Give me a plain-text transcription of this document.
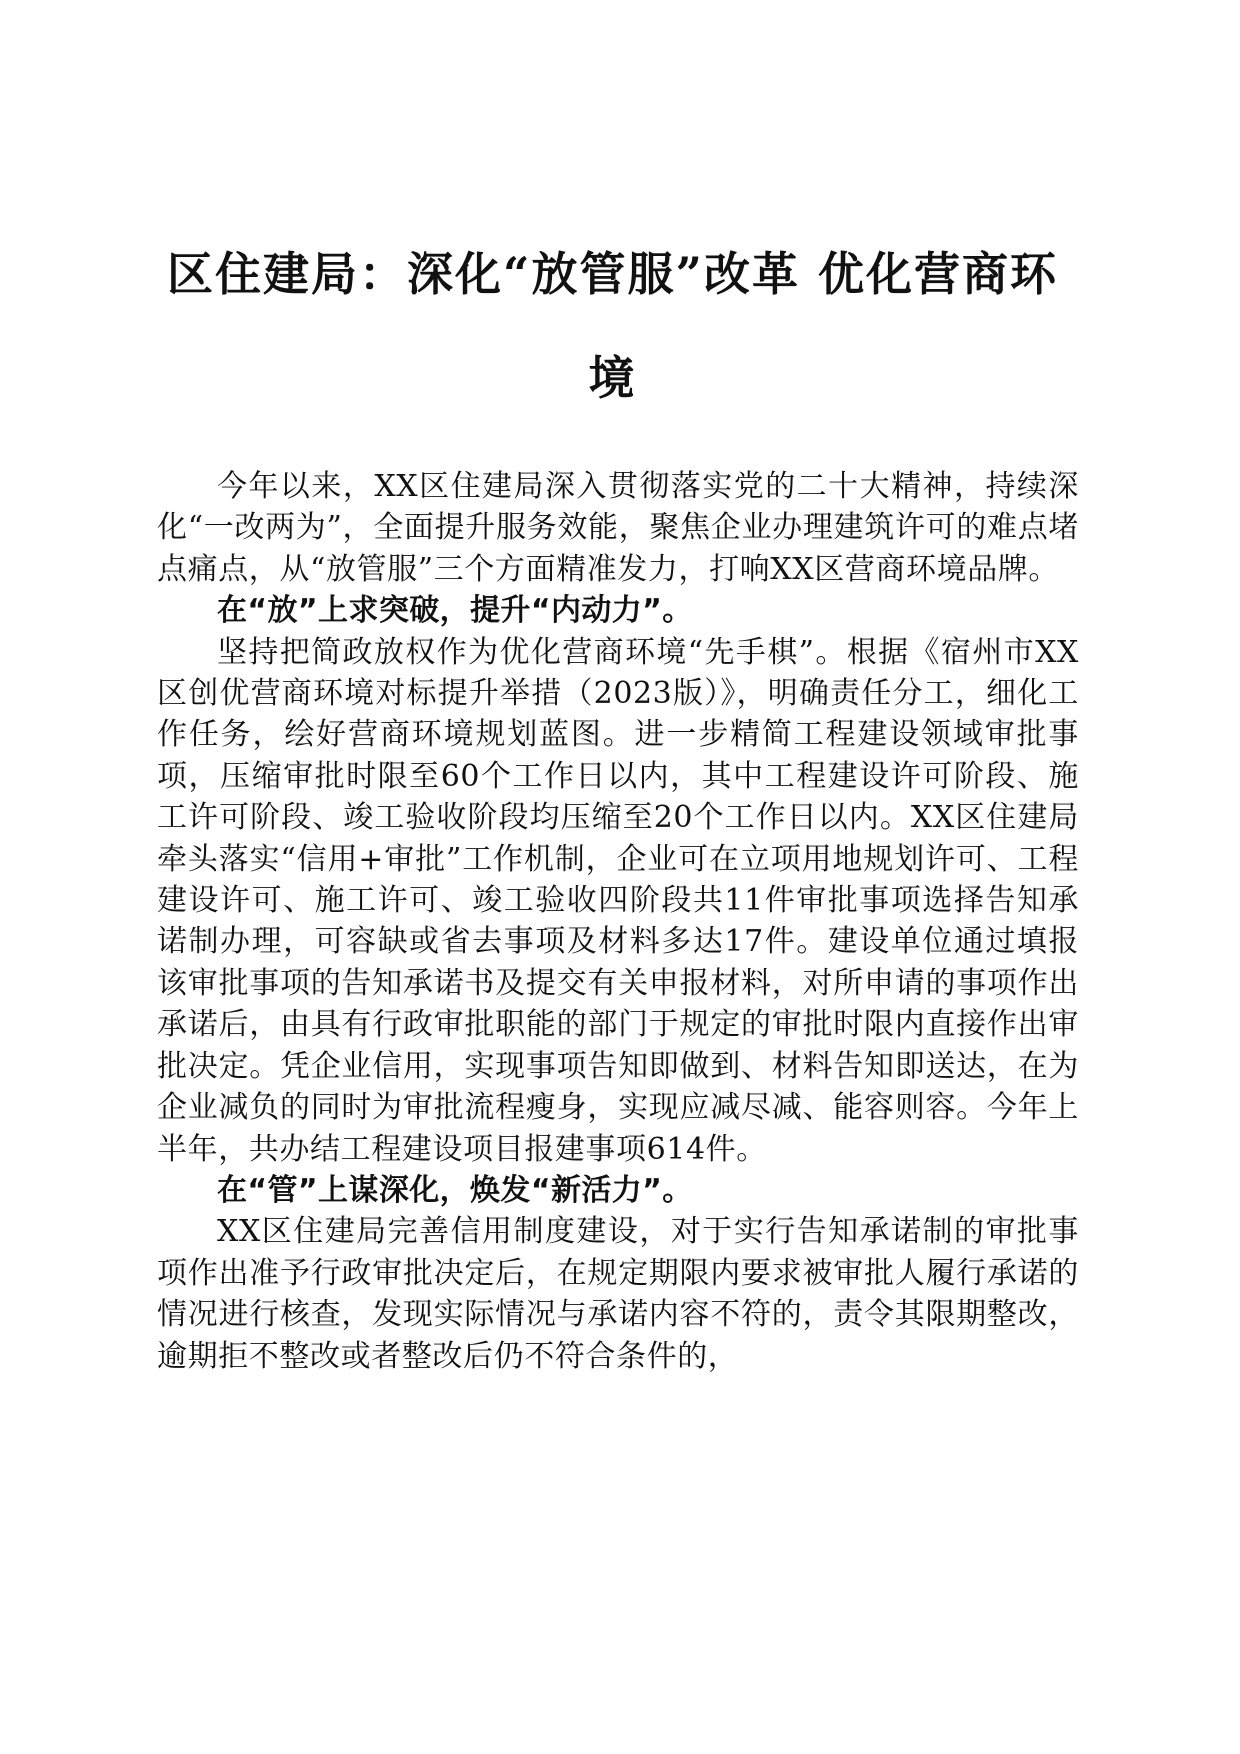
区住建局：深化“放管服”改革 优化营商环境

今年以来，XX区住建局深入贯彻落实党的二十大精神，持续深化“一改两为”，全面提升服务效能，聚焦企业办理建筑许可的难点堵点痛点，从“放管服”三个方面精准发力，打响XX区营商环境品牌。

在“放”上求突破，提升“内动力”。

坚持把简政放权作为优化营商环境“先手棋”。根据《宿州市XX区创优营商环境对标提升举措（2023版）》，明确责任分工，细化工作任务，绘好营商环境规划蓝图。进一步精简工程建设领域审批事项，压缩审批时限至60个工作日以内，其中工程建设许可阶段、施工许可阶段、竣工验收阶段均压缩至20个工作日以内。XX区住建局牵头落实“信用+审批”工作机制，企业可在立项用地规划许可、工程建设许可、施工许可、竣工验收四阶段共11件审批事项选择告知承诺制办理，可容缺或省去事项及材料多达17件。建设单位通过填报该审批事项的告知承诺书及提交有关申报材料，对所申请的事项作出承诺后，由具有行政审批职能的部门于规定的审批时限内直接作出审批决定。凭企业信用，实现事项告知即做到、材料告知即送达，在为企业减负的同时为审批流程瘦身，实现应减尽减、能容则容。今年上半年，共办结工程建设项目报建事项614件。

在“管”上谋深化，焕发“新活力”。

XX区住建局完善信用制度建设，对于实行告知承诺制的审批事项作出准予行政审批决定后，在规定期限内要求被审批人履行承诺的情况进行核查，发现实际情况与承诺内容不符的，责令其限期整改，逾期拒不整改或者整改后仍不符合条件的，
